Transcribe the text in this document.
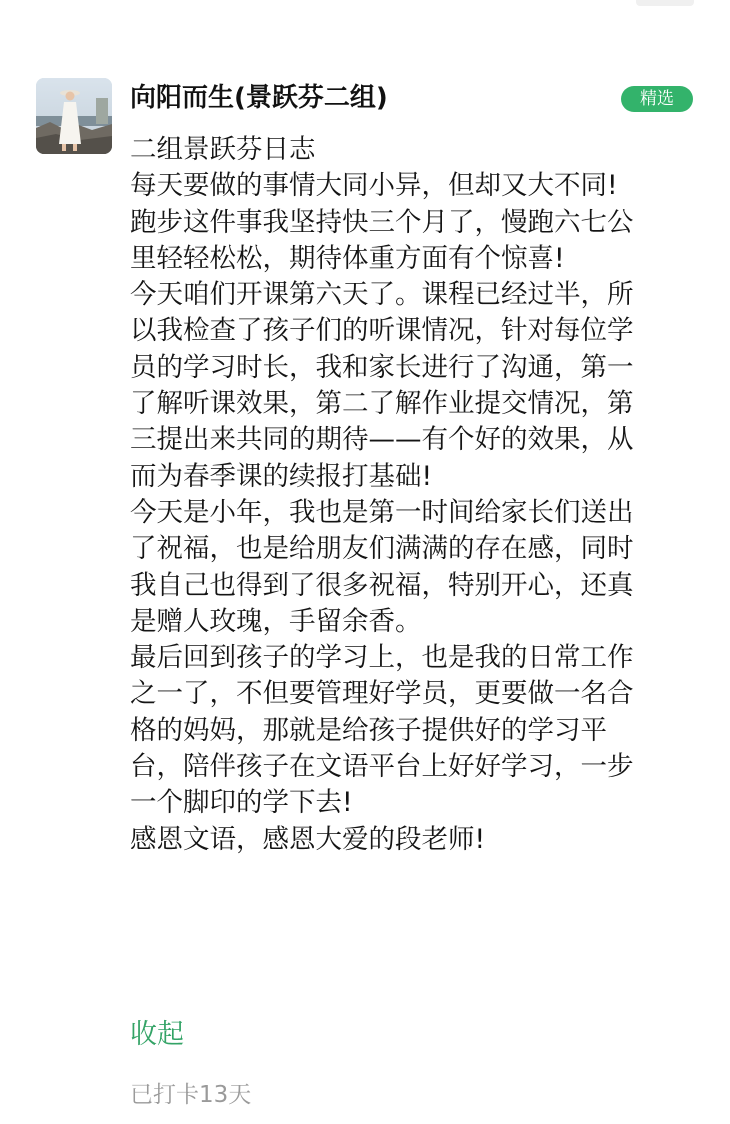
向阳而生(景跃芬二组)	精选
二组景跃芬日志
每天要做的事情大同小异，但却又大不同!
跑步这件事我坚持快三个月了，慢跑六七公
里轻轻松松，期待体重方面有个惊喜!
今天咱们开课第六天了。课程已经过半，所
以我检查了孩子们的听课情况，针对每位学
员的学习时长，我和家长进行了沟通，第一
了解听课效果，第二了解作业提交情况，第
三提出来共同的期待——有个好的效果，从
而为春季课的续报打基础!
今天是小年，我也是第一时间给家长们送出
了祝福，也是给朋友们满满的存在感，同时
我自己也得到了很多祝福，特别开心，还真
是赠人玫瑰，手留余香。
最后回到孩子的学习上，也是我的日常工作
之一了，不但要管理好学员，更要做一名合
格的妈妈，那就是给孩子提供好的学习平
台，陪伴孩子在文语平台上好好学习，一步
一个脚印的学下去!
感恩文语，感恩大爱的段老师!
收起
已打卡13天
